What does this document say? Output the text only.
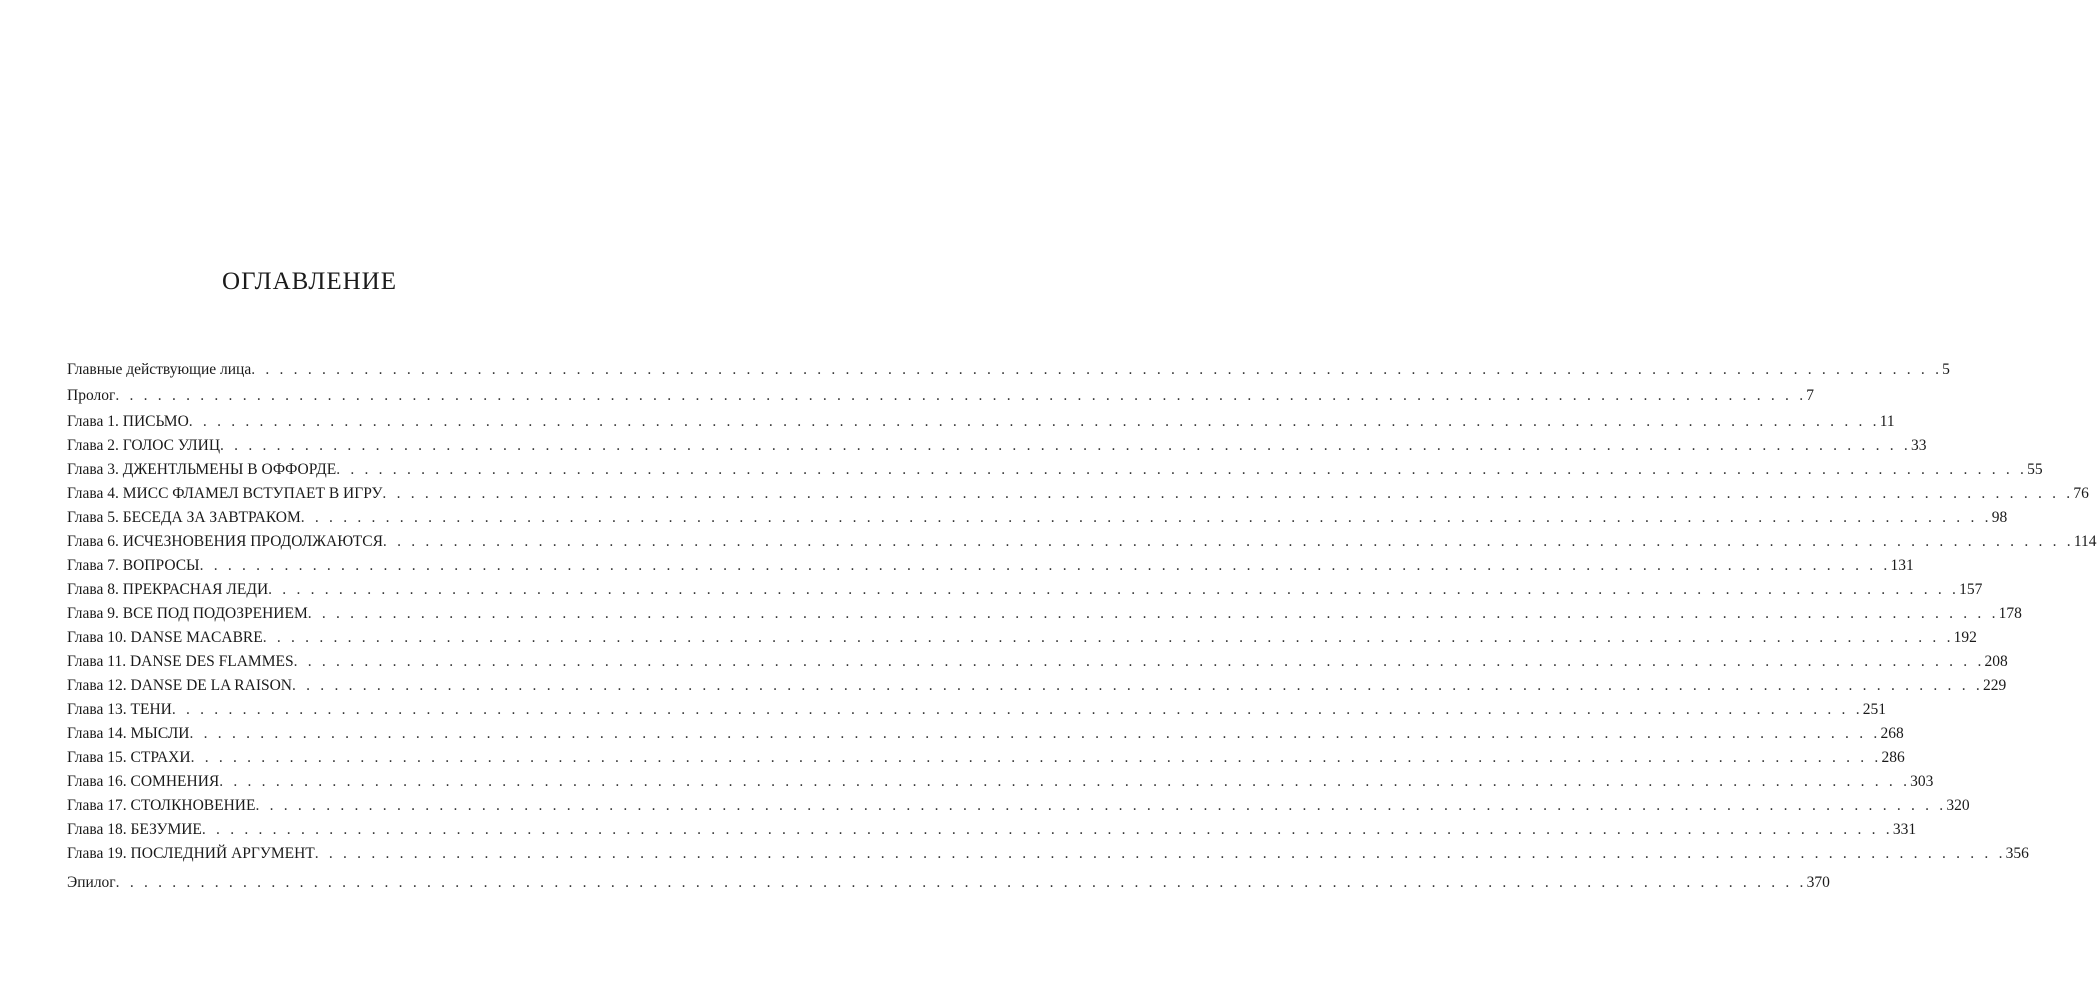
ОГЛАВЛЕНИЕ
Главные действующие лица . . . . . . . . . . . . . . . . . . . . . . . . . . . . . . . . . . . . . . . . . . . . . . . . . . . . . . . . . . . . . . . . . . . . . . . . . . . . . . . . . . . . . . . . . . . . . . . . . . . . . . . . . . . . . . . . . . . . . . . . 5
Пролог . . . . . . . . . . . . . . . . . . . . . . . . . . . . . . . . . . . . . . . . . . . . . . . . . . . . . . . . . . . . . . . . . . . . . . . . . . . . . . . . . . . . . . . . . . . . . . . . . . . . . . . . . . . . . . . . . . . . . . . . 7
Глава 1. ПИСЬМО . . . . . . . . . . . . . . . . . . . . . . . . . . . . . . . . . . . . . . . . . . . . . . . . . . . . . . . . . . . . . . . . . . . . . . . . . . . . . . . . . . . . . . . . . . . . . . . . . . . . . . . . . . . . . . . . . . . . . . . . 11
Глава 2. ГОЛОС УЛИЦ . . . . . . . . . . . . . . . . . . . . . . . . . . . . . . . . . . . . . . . . . . . . . . . . . . . . . . . . . . . . . . . . . . . . . . . . . . . . . . . . . . . . . . . . . . . . . . . . . . . . . . . . . . . . . . . . . . . . . . . . 33
Глава 3. ДЖЕНТЛЬМЕНЫ В ОФФОРДЕ . . . . . . . . . . . . . . . . . . . . . . . . . . . . . . . . . . . . . . . . . . . . . . . . . . . . . . . . . . . . . . . . . . . . . . . . . . . . . . . . . . . . . . . . . . . . . . . . . . . . . . . . . . . . . . . . . . . . . . . . 55
Глава 4. МИСС ФЛАМЕЛ ВСТУПАЕТ В ИГРУ . . . . . . . . . . . . . . . . . . . . . . . . . . . . . . . . . . . . . . . . . . . . . . . . . . . . . . . . . . . . . . . . . . . . . . . . . . . . . . . . . . . . . . . . . . . . . . . . . . . . . . . . . . . . . . . . . . . . . . . . 76
Глава 5. БЕСЕДА ЗА ЗАВТРАКОМ . . . . . . . . . . . . . . . . . . . . . . . . . . . . . . . . . . . . . . . . . . . . . . . . . . . . . . . . . . . . . . . . . . . . . . . . . . . . . . . . . . . . . . . . . . . . . . . . . . . . . . . . . . . . . . . . . . . . . . . . 98
Глава 6. ИСЧЕЗНОВЕНИЯ ПРОДОЛЖАЮТСЯ . . . . . . . . . . . . . . . . . . . . . . . . . . . . . . . . . . . . . . . . . . . . . . . . . . . . . . . . . . . . . . . . . . . . . . . . . . . . . . . . . . . . . . . . . . . . . . . . . . . . . . . . . . . . . . . . . . . . . . . . 114
Глава 7. ВОПРОСЫ . . . . . . . . . . . . . . . . . . . . . . . . . . . . . . . . . . . . . . . . . . . . . . . . . . . . . . . . . . . . . . . . . . . . . . . . . . . . . . . . . . . . . . . . . . . . . . . . . . . . . . . . . . . . . . . . . . . . . . . . 131
Глава 8. ПРЕКРАСНАЯ ЛЕДИ . . . . . . . . . . . . . . . . . . . . . . . . . . . . . . . . . . . . . . . . . . . . . . . . . . . . . . . . . . . . . . . . . . . . . . . . . . . . . . . . . . . . . . . . . . . . . . . . . . . . . . . . . . . . . . . . . . . . . . . . 157
Глава 9. ВСЕ ПОД ПОДОЗРЕНИЕМ . . . . . . . . . . . . . . . . . . . . . . . . . . . . . . . . . . . . . . . . . . . . . . . . . . . . . . . . . . . . . . . . . . . . . . . . . . . . . . . . . . . . . . . . . . . . . . . . . . . . . . . . . . . . . . . . . . . . . . . . 178
Глава 10. DANSE MACABRE . . . . . . . . . . . . . . . . . . . . . . . . . . . . . . . . . . . . . . . . . . . . . . . . . . . . . . . . . . . . . . . . . . . . . . . . . . . . . . . . . . . . . . . . . . . . . . . . . . . . . . . . . . . . . . . . . . . . . . . . 192
Глава 11. DANSE DES FLAMMES . . . . . . . . . . . . . . . . . . . . . . . . . . . . . . . . . . . . . . . . . . . . . . . . . . . . . . . . . . . . . . . . . . . . . . . . . . . . . . . . . . . . . . . . . . . . . . . . . . . . . . . . . . . . . . . . . . . . . . . . 208
Глава 12. DANSE DE LA RAISON . . . . . . . . . . . . . . . . . . . . . . . . . . . . . . . . . . . . . . . . . . . . . . . . . . . . . . . . . . . . . . . . . . . . . . . . . . . . . . . . . . . . . . . . . . . . . . . . . . . . . . . . . . . . . . . . . . . . . . . . 229
Глава 13. ТЕНИ . . . . . . . . . . . . . . . . . . . . . . . . . . . . . . . . . . . . . . . . . . . . . . . . . . . . . . . . . . . . . . . . . . . . . . . . . . . . . . . . . . . . . . . . . . . . . . . . . . . . . . . . . . . . . . . . . . . . . . . . 251
Глава 14. МЫСЛИ . . . . . . . . . . . . . . . . . . . . . . . . . . . . . . . . . . . . . . . . . . . . . . . . . . . . . . . . . . . . . . . . . . . . . . . . . . . . . . . . . . . . . . . . . . . . . . . . . . . . . . . . . . . . . . . . . . . . . . . . 268
Глава 15. СТРАХИ . . . . . . . . . . . . . . . . . . . . . . . . . . . . . . . . . . . . . . . . . . . . . . . . . . . . . . . . . . . . . . . . . . . . . . . . . . . . . . . . . . . . . . . . . . . . . . . . . . . . . . . . . . . . . . . . . . . . . . . . 286
Глава 16. СОМНЕНИЯ . . . . . . . . . . . . . . . . . . . . . . . . . . . . . . . . . . . . . . . . . . . . . . . . . . . . . . . . . . . . . . . . . . . . . . . . . . . . . . . . . . . . . . . . . . . . . . . . . . . . . . . . . . . . . . . . . . . . . . . . 303
Глава 17. СТОЛКНОВЕНИЕ . . . . . . . . . . . . . . . . . . . . . . . . . . . . . . . . . . . . . . . . . . . . . . . . . . . . . . . . . . . . . . . . . . . . . . . . . . . . . . . . . . . . . . . . . . . . . . . . . . . . . . . . . . . . . . . . . . . . . . . . 320
Глава 18. БЕЗУМИЕ . . . . . . . . . . . . . . . . . . . . . . . . . . . . . . . . . . . . . . . . . . . . . . . . . . . . . . . . . . . . . . . . . . . . . . . . . . . . . . . . . . . . . . . . . . . . . . . . . . . . . . . . . . . . . . . . . . . . . . . . 331
Глава 19. ПОСЛЕДНИЙ АРГУМЕНТ . . . . . . . . . . . . . . . . . . . . . . . . . . . . . . . . . . . . . . . . . . . . . . . . . . . . . . . . . . . . . . . . . . . . . . . . . . . . . . . . . . . . . . . . . . . . . . . . . . . . . . . . . . . . . . . . . . . . . . . . 356
Эпилог . . . . . . . . . . . . . . . . . . . . . . . . . . . . . . . . . . . . . . . . . . . . . . . . . . . . . . . . . . . . . . . . . . . . . . . . . . . . . . . . . . . . . . . . . . . . . . . . . . . . . . . . . . . . . . . . . . . . . . . . 370
